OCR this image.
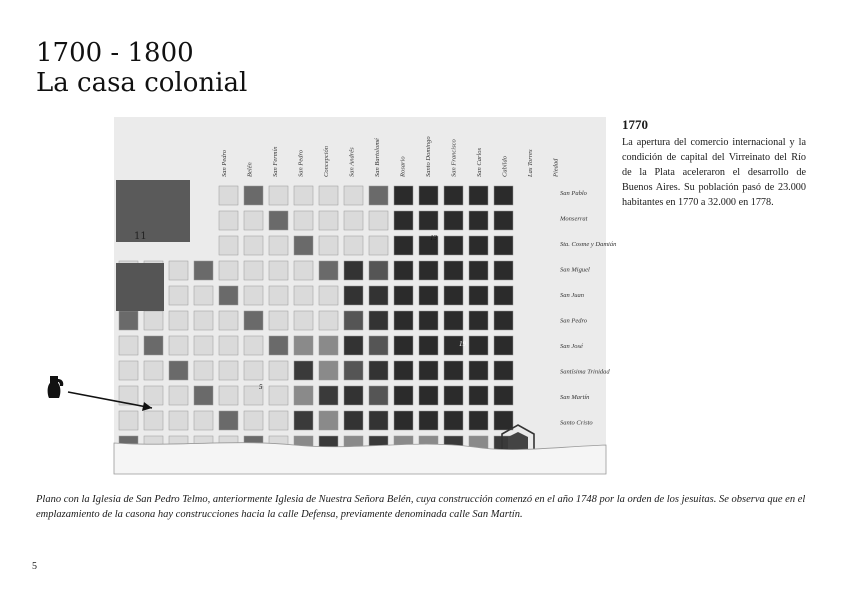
1700 - 1800
La casa colonial
San Pedro	Belén	San Fermín	San Pedro	Concepción	San Andrés	San Bartolomé	Rosario	Santo Domingo	San Francisco	San Carlos	Cabildo	Las Torres	Piedad
San Pablo
Monserrat
Sta. Cosme y Damián
San Miguel
San Juan
San Pedro
San José
Santísima Trinidad
San Martín
Santo Cristo
13
19
5
11
1770
La apertura del comercio internacional y la condición de capital del Virreinato del Río de la Plata aceleraron el desarrollo de Buenos Aires. Su población pasó de 23.000 habitantes en 1770 a 32.000 en 1778.
Plano con la Iglesia de San Pedro Telmo, anteriormente Iglesia de Nuestra Señora Belén, cuya construcción comenzó en el año 1748 por la orden de los jesuitas. Se observa que en el emplazamiento de la casona hay construcciones hacia la calle Defensa, previamente denominada calle San Martín.
5
